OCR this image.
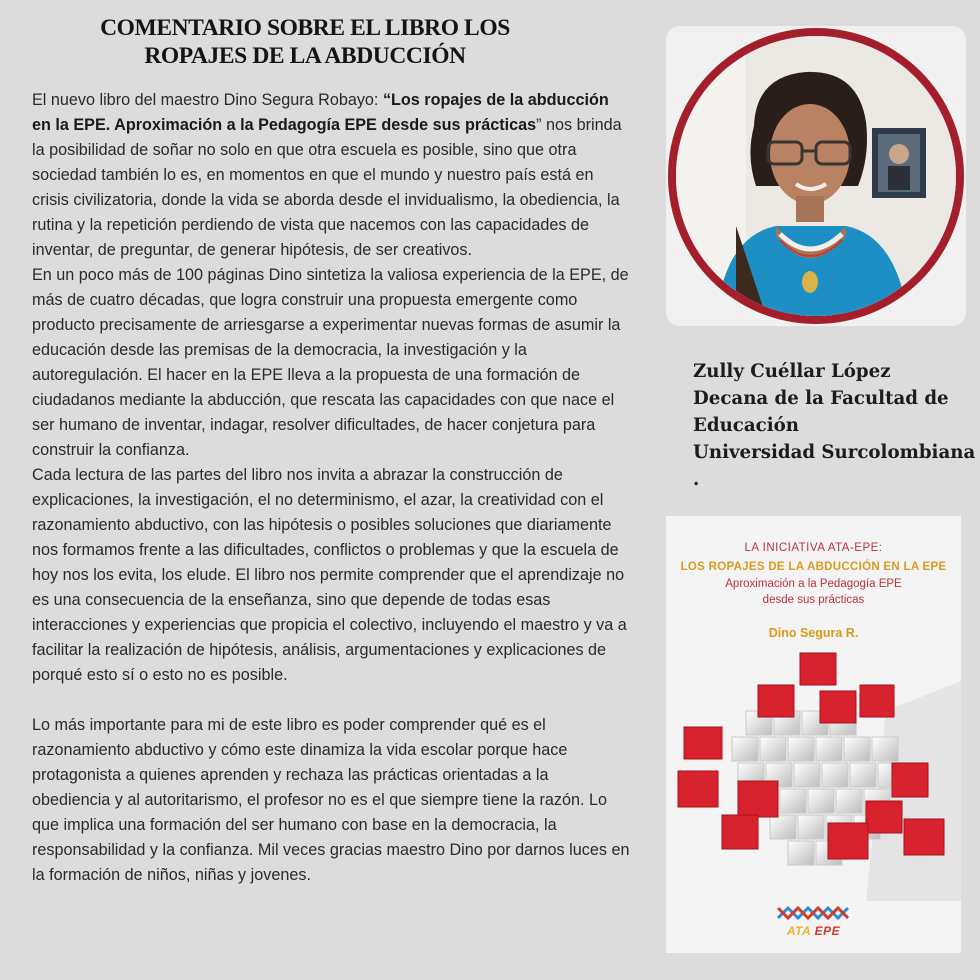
COMENTARIO SOBRE EL LIBRO LOS
ROPAJES DE LA ABDUCCIÓN

El nuevo libro del maestro Dino Segura Robayo: “Los ropajes de la abducción en la EPE. Aproximación a la Pedagogía EPE desde sus prácticas” nos brinda la posibilidad de soñar no solo en que otra escuela es posible, sino que otra sociedad también lo es, en momentos en que el mundo y nuestro país está en crisis civilizatoria, donde la vida se aborda desde el invidualismo, la obediencia, la rutina y la repetición perdiendo de vista que nacemos con las capacidades de inventar, de preguntar, de generar hipótesis, de ser creativos.

En un poco más de 100 páginas Dino sintetiza la valiosa experiencia de la EPE, de más de cuatro décadas, que logra construir una propuesta emergente como producto precisamente de arriesgarse a experimentar nuevas formas de asumir la educación desde las premisas de la democracia, la investigación y la autoregulación. El hacer en la EPE lleva a la propuesta de una formación de ciudadanos mediante la abducción, que rescata las capacidades con que nace el ser humano de inventar, indagar, resolver dificultades, de hacer conjetura para construir la confianza.

Cada lectura de las partes del libro nos invita a abrazar la construcción de explicaciones, la investigación, el no determinismo, el azar, la creatividad con el razonamiento abductivo, con las hipótesis o posibles soluciones que diariamente nos formamos frente a las dificultades, conflictos o problemas y que la escuela de hoy nos los evita, los elude. El libro nos permite comprender que el aprendizaje no es una consecuencia de la enseñanza, sino que depende de todas esas interacciones y experiencias que propicia el colectivo, incluyendo el maestro y va a facilitar la realización de hipótesis, análisis, argumentaciones y explicaciones de porqué esto sí o esto no es posible.

Lo más importante para mi de este libro es poder comprender qué es el razonamiento abductivo y cómo este dinamiza la vida escolar porque hace protagonista a quienes aprenden y rechaza las prácticas orientadas a la obediencia y al autoritarismo, el profesor no es el que siempre tiene la razón. Lo que implica una formación del ser humano con base en la democracia, la responsabilidad y la confianza. Mil veces gracias maestro Dino por darnos luces en la formación de niños, niñas y jovenes.

Zully Cuéllar López
Decana de la Facultad de
Educación
Universidad Surcolombiana
.
LA INICIATIVA ATA-EPE:
LOS ROPAJES DE LA ABDUCCIÓN EN LA EPE
Aproximación a la Pedagogía EPE
desde sus prácticas
Dino Segura R.
ATA EPE
